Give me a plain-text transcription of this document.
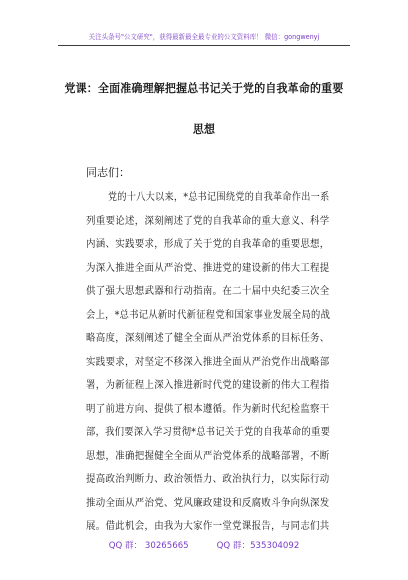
关注头条号"公文研究"，获得最新最全最专业的公文资料库！ 微信：gongwenyj
党课：全面准确理解把握总书记关于党的自我革命的重要
思想
同志们：
党的十八大以来，*总书记围绕党的自我革命作出一系
列重要论述，深刻阐述了党的自我革命的重大意义、科学
内涵、实践要求，形成了关于党的自我革命的重要思想，
为深入推进全面从严治党、推进党的建设新的伟大工程提
供了强大思想武器和行动指南。在二十届中央纪委三次全
会上，*总书记从新时代新征程党和国家事业发展全局的战
略高度，深刻阐述了健全全面从严治党体系的目标任务、
实践要求，对坚定不移深入推进全面从严治党作出战略部
署，为新征程上深入推进新时代党的建设新的伟大工程指
明了前进方向、提供了根本遵循。作为新时代纪检监察干
部，我们要深入学习贯彻*总书记关于党的自我革命的重要
思想，准确把握健全全面从严治党体系的战略部署，不断
提高政治判断力、政治领悟力、政治执行力，以实际行动
推动全面从严治党、党风廉政建设和反腐败斗争向纵深发
展。借此机会，由我为大家作一堂党课报告，与同志们共
QQ 群： 30265665	QQ 群：535304092
